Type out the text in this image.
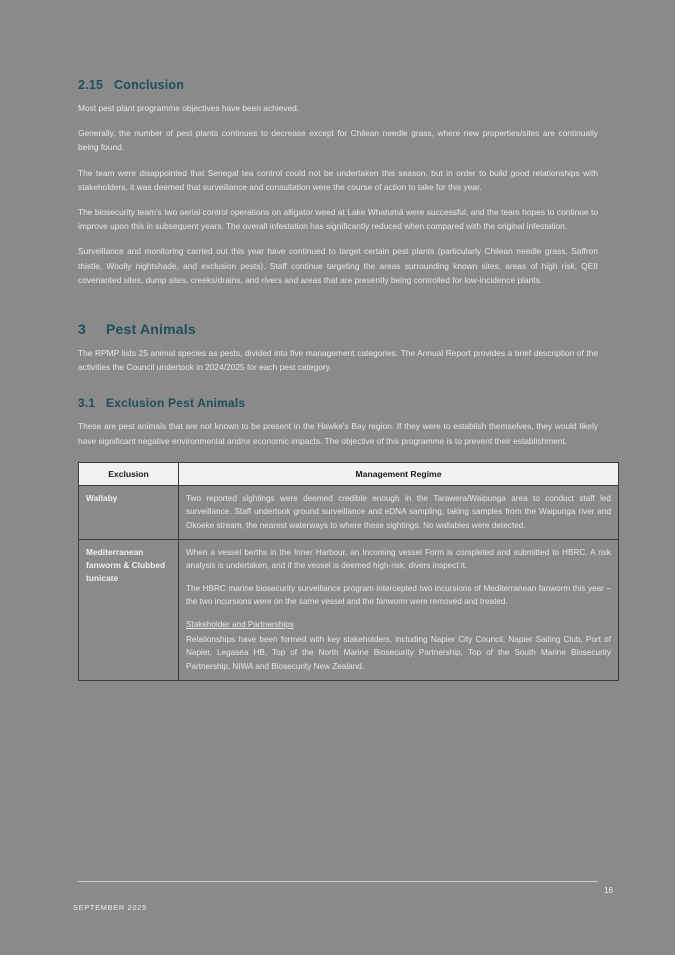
2.15 Conclusion

Most pest plant programme objectives have been achieved.

Generally, the number of pest plants continues to decrease except for Chilean needle grass, where new properties/sites are continually being found.

The team were disappointed that Senegal tea control could not be undertaken this season, but in order to build good relationships with stakeholders, it was deemed that surveillance and consultation were the course of action to take for this year.

The biosecurity team's two aerial control operations on alligator weed at Lake Whatumā were successful, and the team hopes to continue to improve upon this in subsequent years. The overall infestation has significantly reduced when compared with the original infestation.

Surveillance and monitoring carried out this year have continued to target certain pest plants (particularly Chilean needle grass, Saffron thistle, Woolly nightshade, and exclusion pests). Staff continue targeting the areas surrounding known sites, areas of high risk, QEII covenanted sites, dump sites, creeks/drains, and rivers and areas that are presently being controlled for low-incidence plants.

3	Pest Animals

The RPMP lists 25 animal species as pests, divided into five management categories. The Annual Report provides a brief description of the activities the Council undertook in 2024/2025 for each pest category.

3.1 Exclusion Pest Animals

These are pest animals that are not known to be present in the Hawke's Bay region. If they were to establish themselves, they would likely have significant negative environmental and/or economic impacts. The objective of this programme is to prevent their establishment.

Exclusion	Management Regime
Wallaby	Two reported sightings were deemed credible enough in the Tarawera/Waipunga area to conduct staff led surveillance. Staff undertook ground surveillance and eDNA sampling, taking samples from the Waipunga river and Okoeke stream, the nearest waterways to where these sightings. No wallabies were detected.

Mediterranean fanworm & Clubbed tunicate	When a vessel berths in the Inner Harbour, an Incoming vessel Form is completed and submitted to HBRC. A risk analysis is undertaken, and if the vessel is deemed high-risk, divers inspect it.

The HBRC marine biosecurity surveillance program intercepted two incursions of Mediterranean fanworm this year – the two incursions were on the same vessel and the fanworm were removed and treated.

Stakeholder and Partnerships
Relationships have been formed with key stakeholders, including Napier City Council, Napier Sailing Club, Port of Napier, Legasea HB, Top of the North Marine Biosecurity Partnership, Top of the South Marine Biosecurity Partnership, NIWA and Biosecurity New Zealand.

16
SEPTEMBER 2025
